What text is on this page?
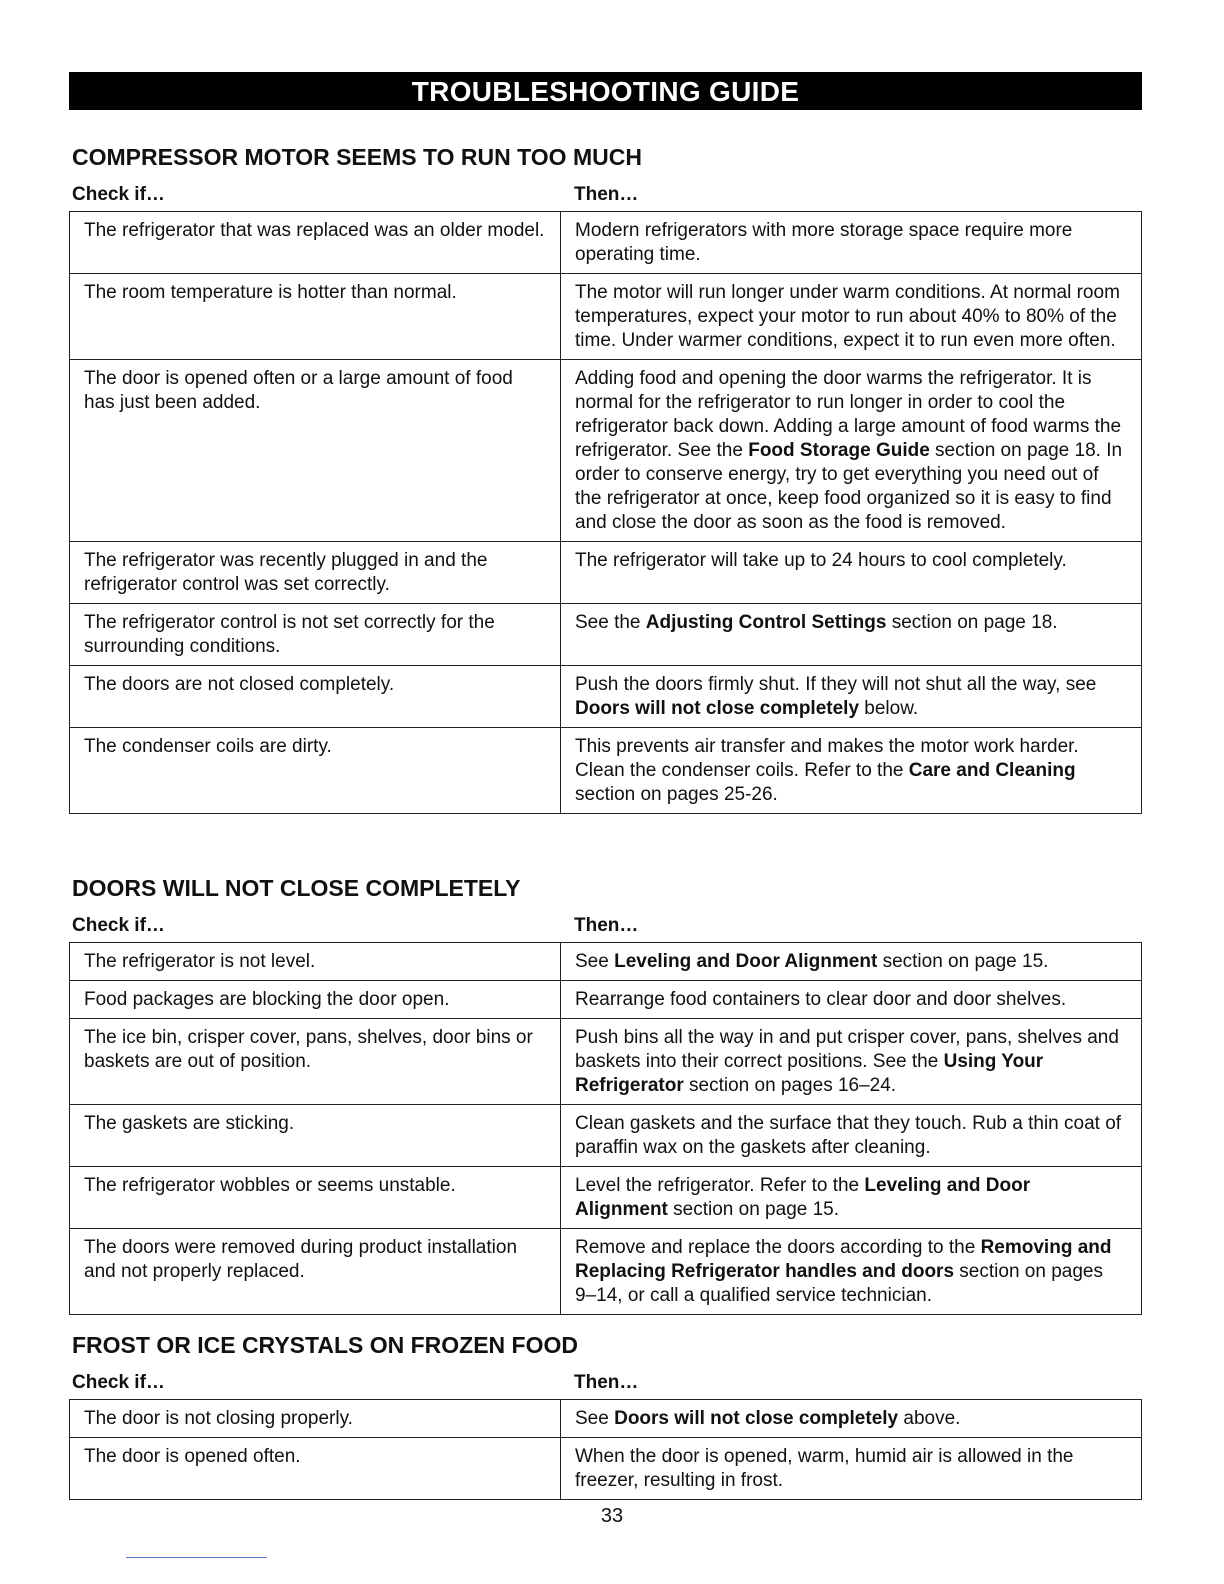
TROUBLESHOOTING GUIDE
COMPRESSOR MOTOR SEEMS TO RUN TOO MUCH
Check if…	Then…
The refrigerator that was replaced was an older model.	Modern refrigerators with more storage space require more operating time.
The room temperature is hotter than normal.	The motor will run longer under warm conditions. At normal room temperatures, expect your motor to run about 40% to 80% of the time. Under warmer conditions, expect it to run even more often.
The door is opened often or a large amount of food has just been added.	Adding food and opening the door warms the refrigerator. It is normal for the refrigerator to run longer in order to cool the refrigerator back down. Adding a large amount of food warms the refrigerator. See the Food Storage Guide section on page 18. In order to conserve energy, try to get everything you need out of the refrigerator at once, keep food organized so it is easy to find and close the door as soon as the food is removed.
The refrigerator was recently plugged in and the refrigerator control was set correctly.	The refrigerator will take up to 24 hours to cool completely.
The refrigerator control is not set correctly for the surrounding conditions.	See the Adjusting Control Settings section on page 18.
The doors are not closed completely.	Push the doors firmly shut. If they will not shut all the way, see Doors will not close completely below.
The condenser coils are dirty.	This prevents air transfer and makes the motor work harder. Clean the condenser coils. Refer to the Care and Cleaning section on pages 25-26.
DOORS WILL NOT CLOSE COMPLETELY
Check if…	Then…
The refrigerator is not level.	See Leveling and Door Alignment section on page 15.
Food packages are blocking the door open.	Rearrange food containers to clear door and door shelves.
The ice bin, crisper cover, pans, shelves, door bins or baskets are out of position.	Push bins all the way in and put crisper cover, pans, shelves and baskets into their correct positions. See the Using Your Refrigerator section on pages 16–24.
The gaskets are sticking.	Clean gaskets and the surface that they touch. Rub a thin coat of paraffin wax on the gaskets after cleaning.
The refrigerator wobbles or seems unstable.	Level the refrigerator. Refer to the Leveling and Door Alignment section on page 15.
The doors were removed during product installation and not properly replaced.	Remove and replace the doors according to the Removing and Replacing Refrigerator handles and doors section on pages 9–14, or call a qualified service technician.
FROST OR ICE CRYSTALS ON FROZEN FOOD
Check if…	Then…
The door is not closing properly.	See Doors will not close completely above.
The door is opened often.	When the door is opened, warm, humid air is allowed in the freezer, resulting in frost.
33
